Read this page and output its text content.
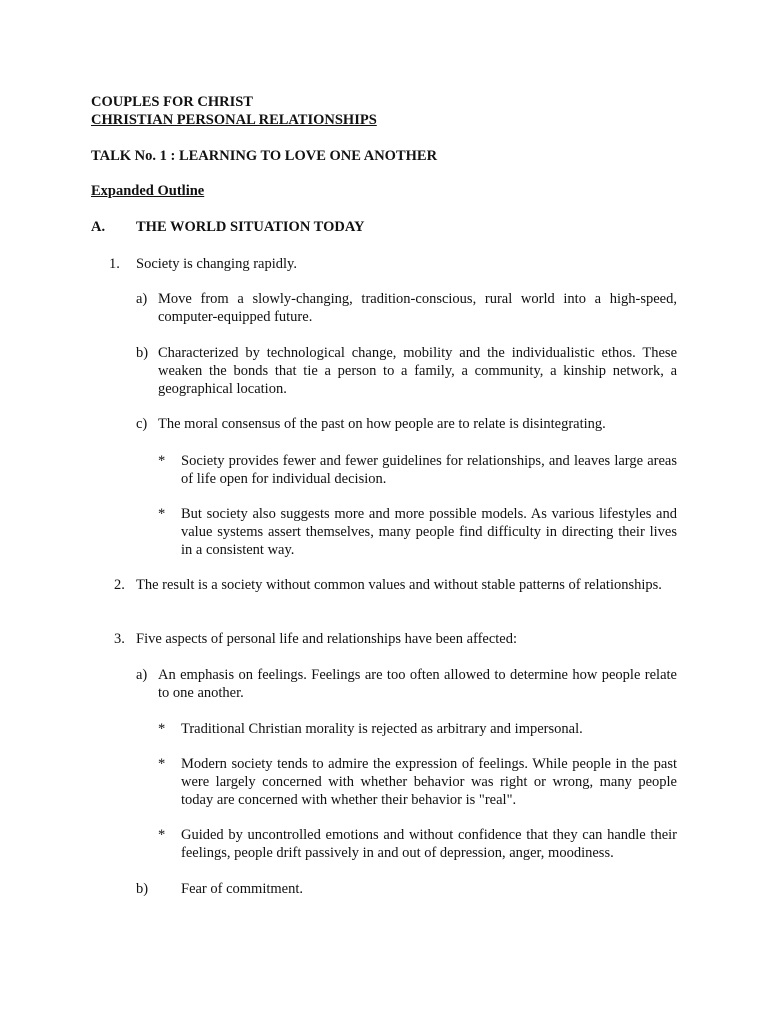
COUPLES FOR CHRIST
CHRISTIAN PERSONAL RELATIONSHIPS
TALK No. 1 : LEARNING TO LOVE ONE ANOTHER
Expanded Outline
A. THE WORLD SITUATION TODAY
1. Society is changing rapidly.
a) Move from a slowly-changing, tradition-conscious, rural world into a high-speed, computer-equipped future.
b) Characterized by technological change, mobility and the individualistic ethos. These weaken the bonds that tie a person to a family, a community, a kinship network, a geographical location.
c) The moral consensus of the past on how people are to relate is disintegrating.
* Society provides fewer and fewer guidelines for relationships, and leaves large areas of life open for individual decision.
* But society also suggests more and more possible models. As various lifestyles and value systems assert themselves, many people find difficulty in directing their lives in a consistent way.
2. The result is a society without common values and without stable patterns of relationships.
3. Five aspects of personal life and relationships have been affected:
a) An emphasis on feelings. Feelings are too often allowed to determine how people relate to one another.
* Traditional Christian morality is rejected as arbitrary and impersonal.
* Modern society tends to admire the expression of feelings. While people in the past were largely concerned with whether behavior was right or wrong, many people today are concerned with whether their behavior is "real".
* Guided by uncontrolled emotions and without confidence that they can handle their feelings, people drift passively in and out of depression, anger, moodiness.
b) Fear of commitment.
